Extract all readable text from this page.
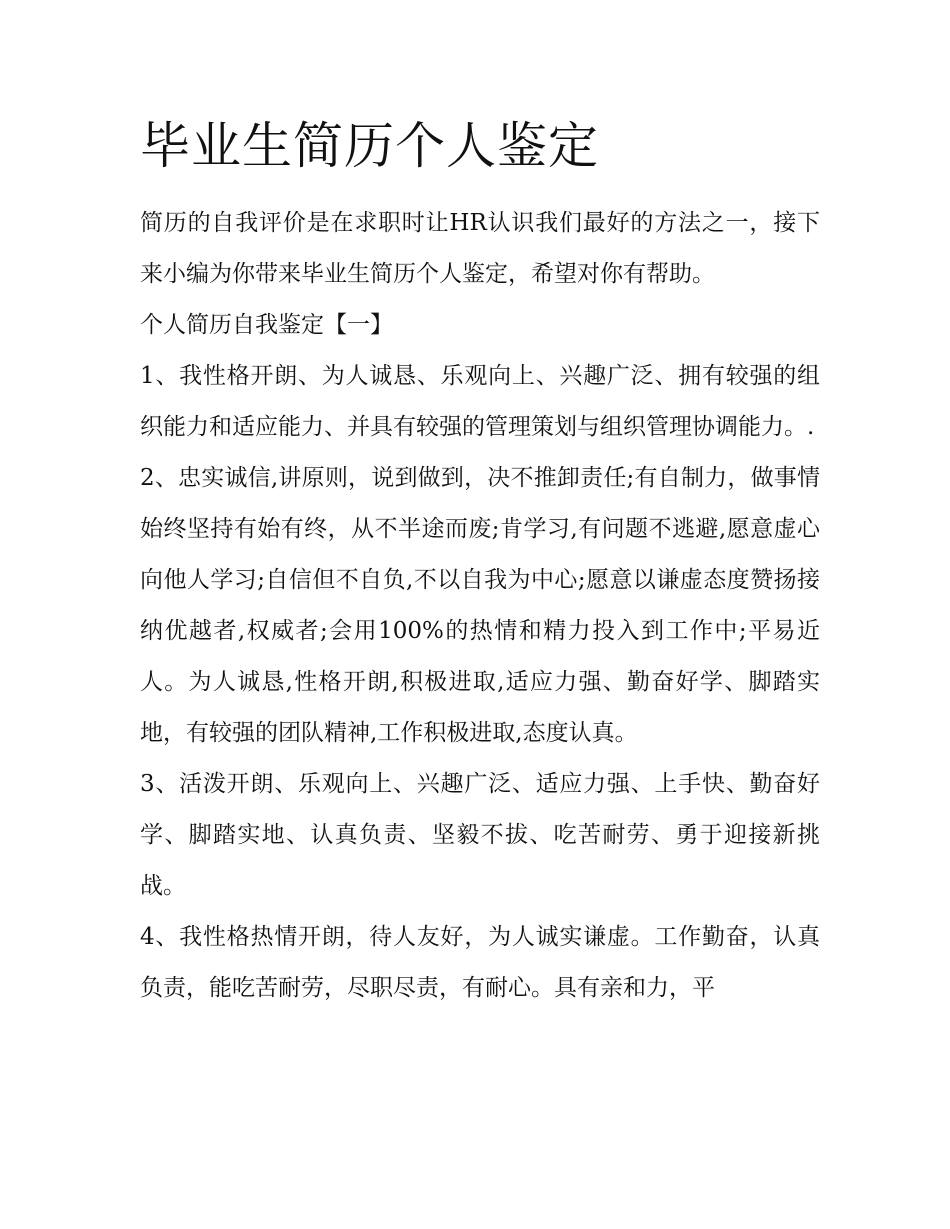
毕业生简历个人鉴定

简历的自我评价是在求职时让HR认识我们最好的方法之一，接下来小编为你带来毕业生简历个人鉴定，希望对你有帮助。

个人简历自我鉴定【一】

1、我性格开朗、为人诚恳、乐观向上、兴趣广泛、拥有较强的组织能力和适应能力、并具有较强的管理策划与组织管理协调能力。.

2、忠实诚信,讲原则，说到做到，决不推卸责任;有自制力，做事情始终坚持有始有终，从不半途而废;肯学习,有问题不逃避,愿意虚心向他人学习;自信但不自负,不以自我为中心;愿意以谦虚态度赞扬接纳优越者,权威者;会用100%的热情和精力投入到工作中;平易近人。为人诚恳,性格开朗,积极进取,适应力强、勤奋好学、脚踏实地，有较强的团队精神,工作积极进取,态度认真。

3、活泼开朗、乐观向上、兴趣广泛、适应力强、上手快、勤奋好学、脚踏实地、认真负责、坚毅不拔、吃苦耐劳、勇于迎接新挑战。

4、我性格热情开朗，待人友好，为人诚实谦虚。工作勤奋，认真负责，能吃苦耐劳，尽职尽责，有耐心。具有亲和力，平
